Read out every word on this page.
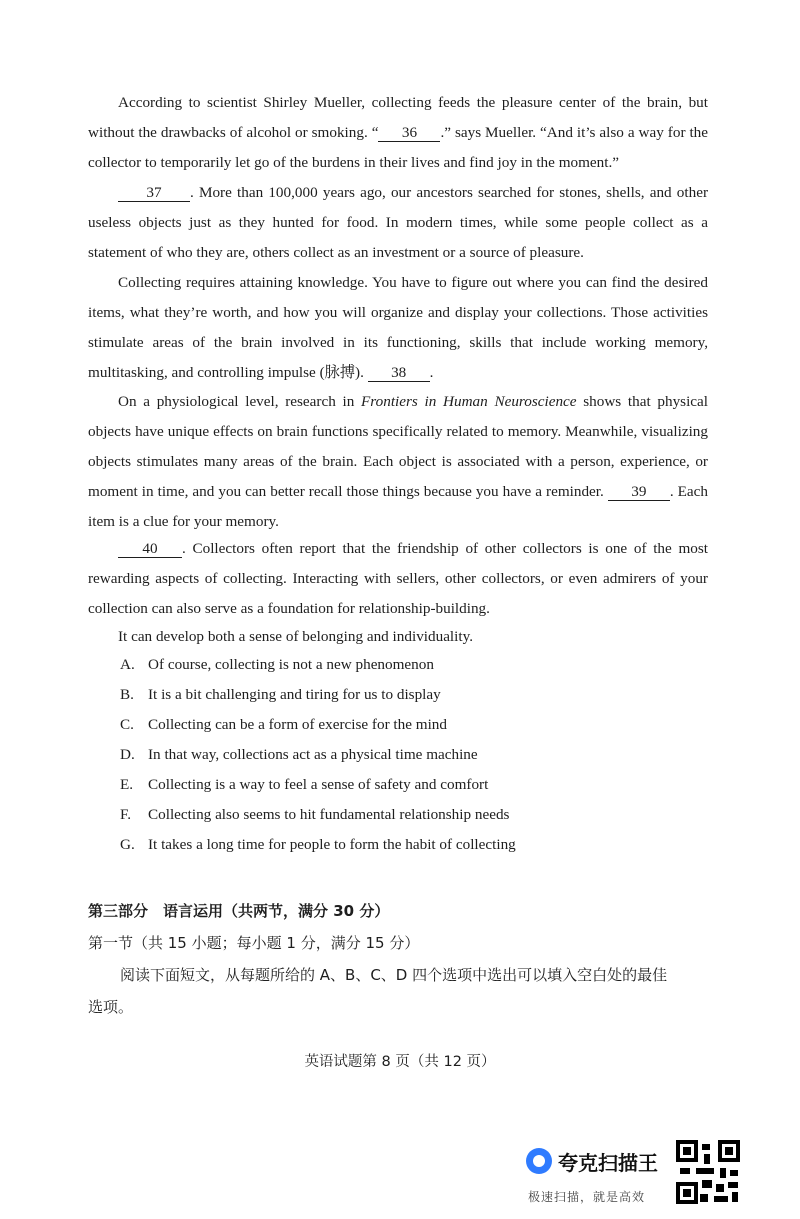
According to scientist Shirley Mueller, collecting feeds the pleasure center of the brain, but without the drawbacks of alcohol or smoking. “ 36 .” says Mueller. “And it’s also a way for the collector to temporarily let go of the burdens in their lives and find joy in the moment.”

37 . More than 100,000 years ago, our ancestors searched for stones, shells, and other useless objects just as they hunted for food. In modern times, while some people collect as a statement of who they are, others collect as an investment or a source of pleasure.

Collecting requires attaining knowledge. You have to figure out where you can find the desired items, what they’re worth, and how you will organize and display your collections. Those activities stimulate areas of the brain involved in its functioning, skills that include working memory, multitasking, and controlling impulse (脉搏). 38 .

On a physiological level, research in Frontiers in Human Neuroscience shows that physical objects have unique effects on brain functions specifically related to memory. Meanwhile, visualizing objects stimulates many areas of the brain. Each object is associated with a person, experience, or moment in time, and you can better recall those things because you have a reminder. 39 . Each item is a clue for your memory.

40 . Collectors often report that the friendship of other collectors is one of the most rewarding aspects of collecting. Interacting with sellers, other collectors, or even admirers of your collection can also serve as a foundation for relationship-building.

It can develop both a sense of belonging and individuality.

A. Of course, collecting is not a new phenomenon
B. It is a bit challenging and tiring for us to display
C. Collecting can be a form of exercise for the mind
D. In that way, collections act as a physical time machine
E. Collecting is a way to feel a sense of safety and comfort
F. Collecting also seems to hit fundamental relationship needs
G. It takes a long time for people to form the habit of collecting
第三部分　语言运用（共两节，满分 30 分）
第一节（共 15 小题；每小题 1 分，满分 15 分）
阅读下面短文，从每题所给的 A、B、C、D 四个选项中选出可以填入空白处的最佳
选项。
英语试题第 8 页（共 12 页）
夸克扫描王
极速扫描，就是高效
